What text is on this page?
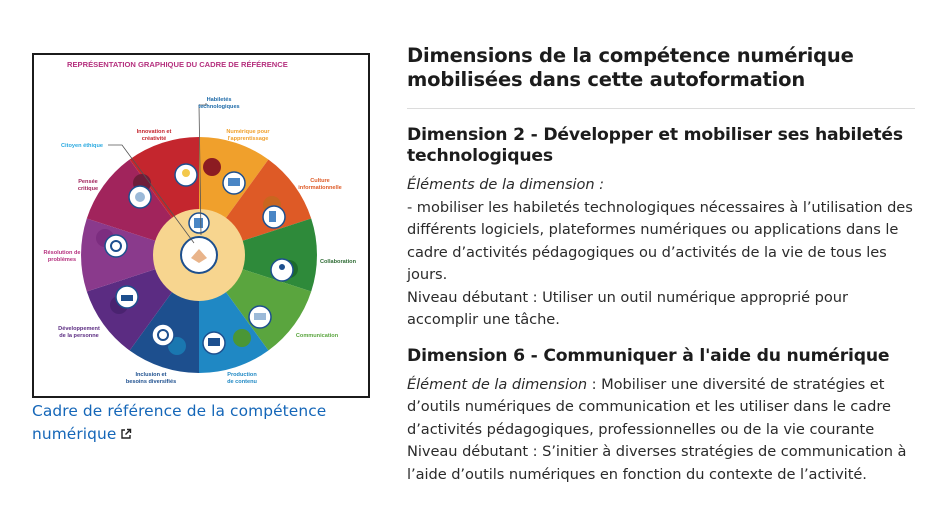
REPRÉSENTATION GRAPHIQUE DU CADRE DE RÉFÉRENCE
Habiletés technologiques
Innovation et créativité
Numérique pour l'apprentissage
Citoyen éthique
Pensée critique
Culture informationnelle
Résolution de problèmes	Collaboration
Développement de la personne	Communication
Inclusion et besoins diversifiés
Production de contenu
Cadre de référence de la compétence
numérique
Dimensions de la compétence numérique mobilisées dans cette autoformation
Dimension 2 - Développer et mobiliser ses habiletés technologiques

Éléments de la dimension :

- mobiliser les habiletés technologiques nécessaires à l’utilisation des différents logiciels, plateformes numériques ou applications dans le cadre d’activités pédagogiques ou d’activités de la vie de tous les jours.

Niveau débutant : Utiliser un outil numérique approprié pour accomplir une tâche.

Dimension 6 - Communiquer à l'aide du numérique

Élément de la dimension : Mobiliser une diversité de stratégies et d’outils numériques de communication et les utiliser dans le cadre d’activités pédagogiques, professionnelles ou de la vie courante

Niveau débutant : S’initier à diverses stratégies de communication à l’aide d’outils numériques en fonction du contexte de l’activité.
